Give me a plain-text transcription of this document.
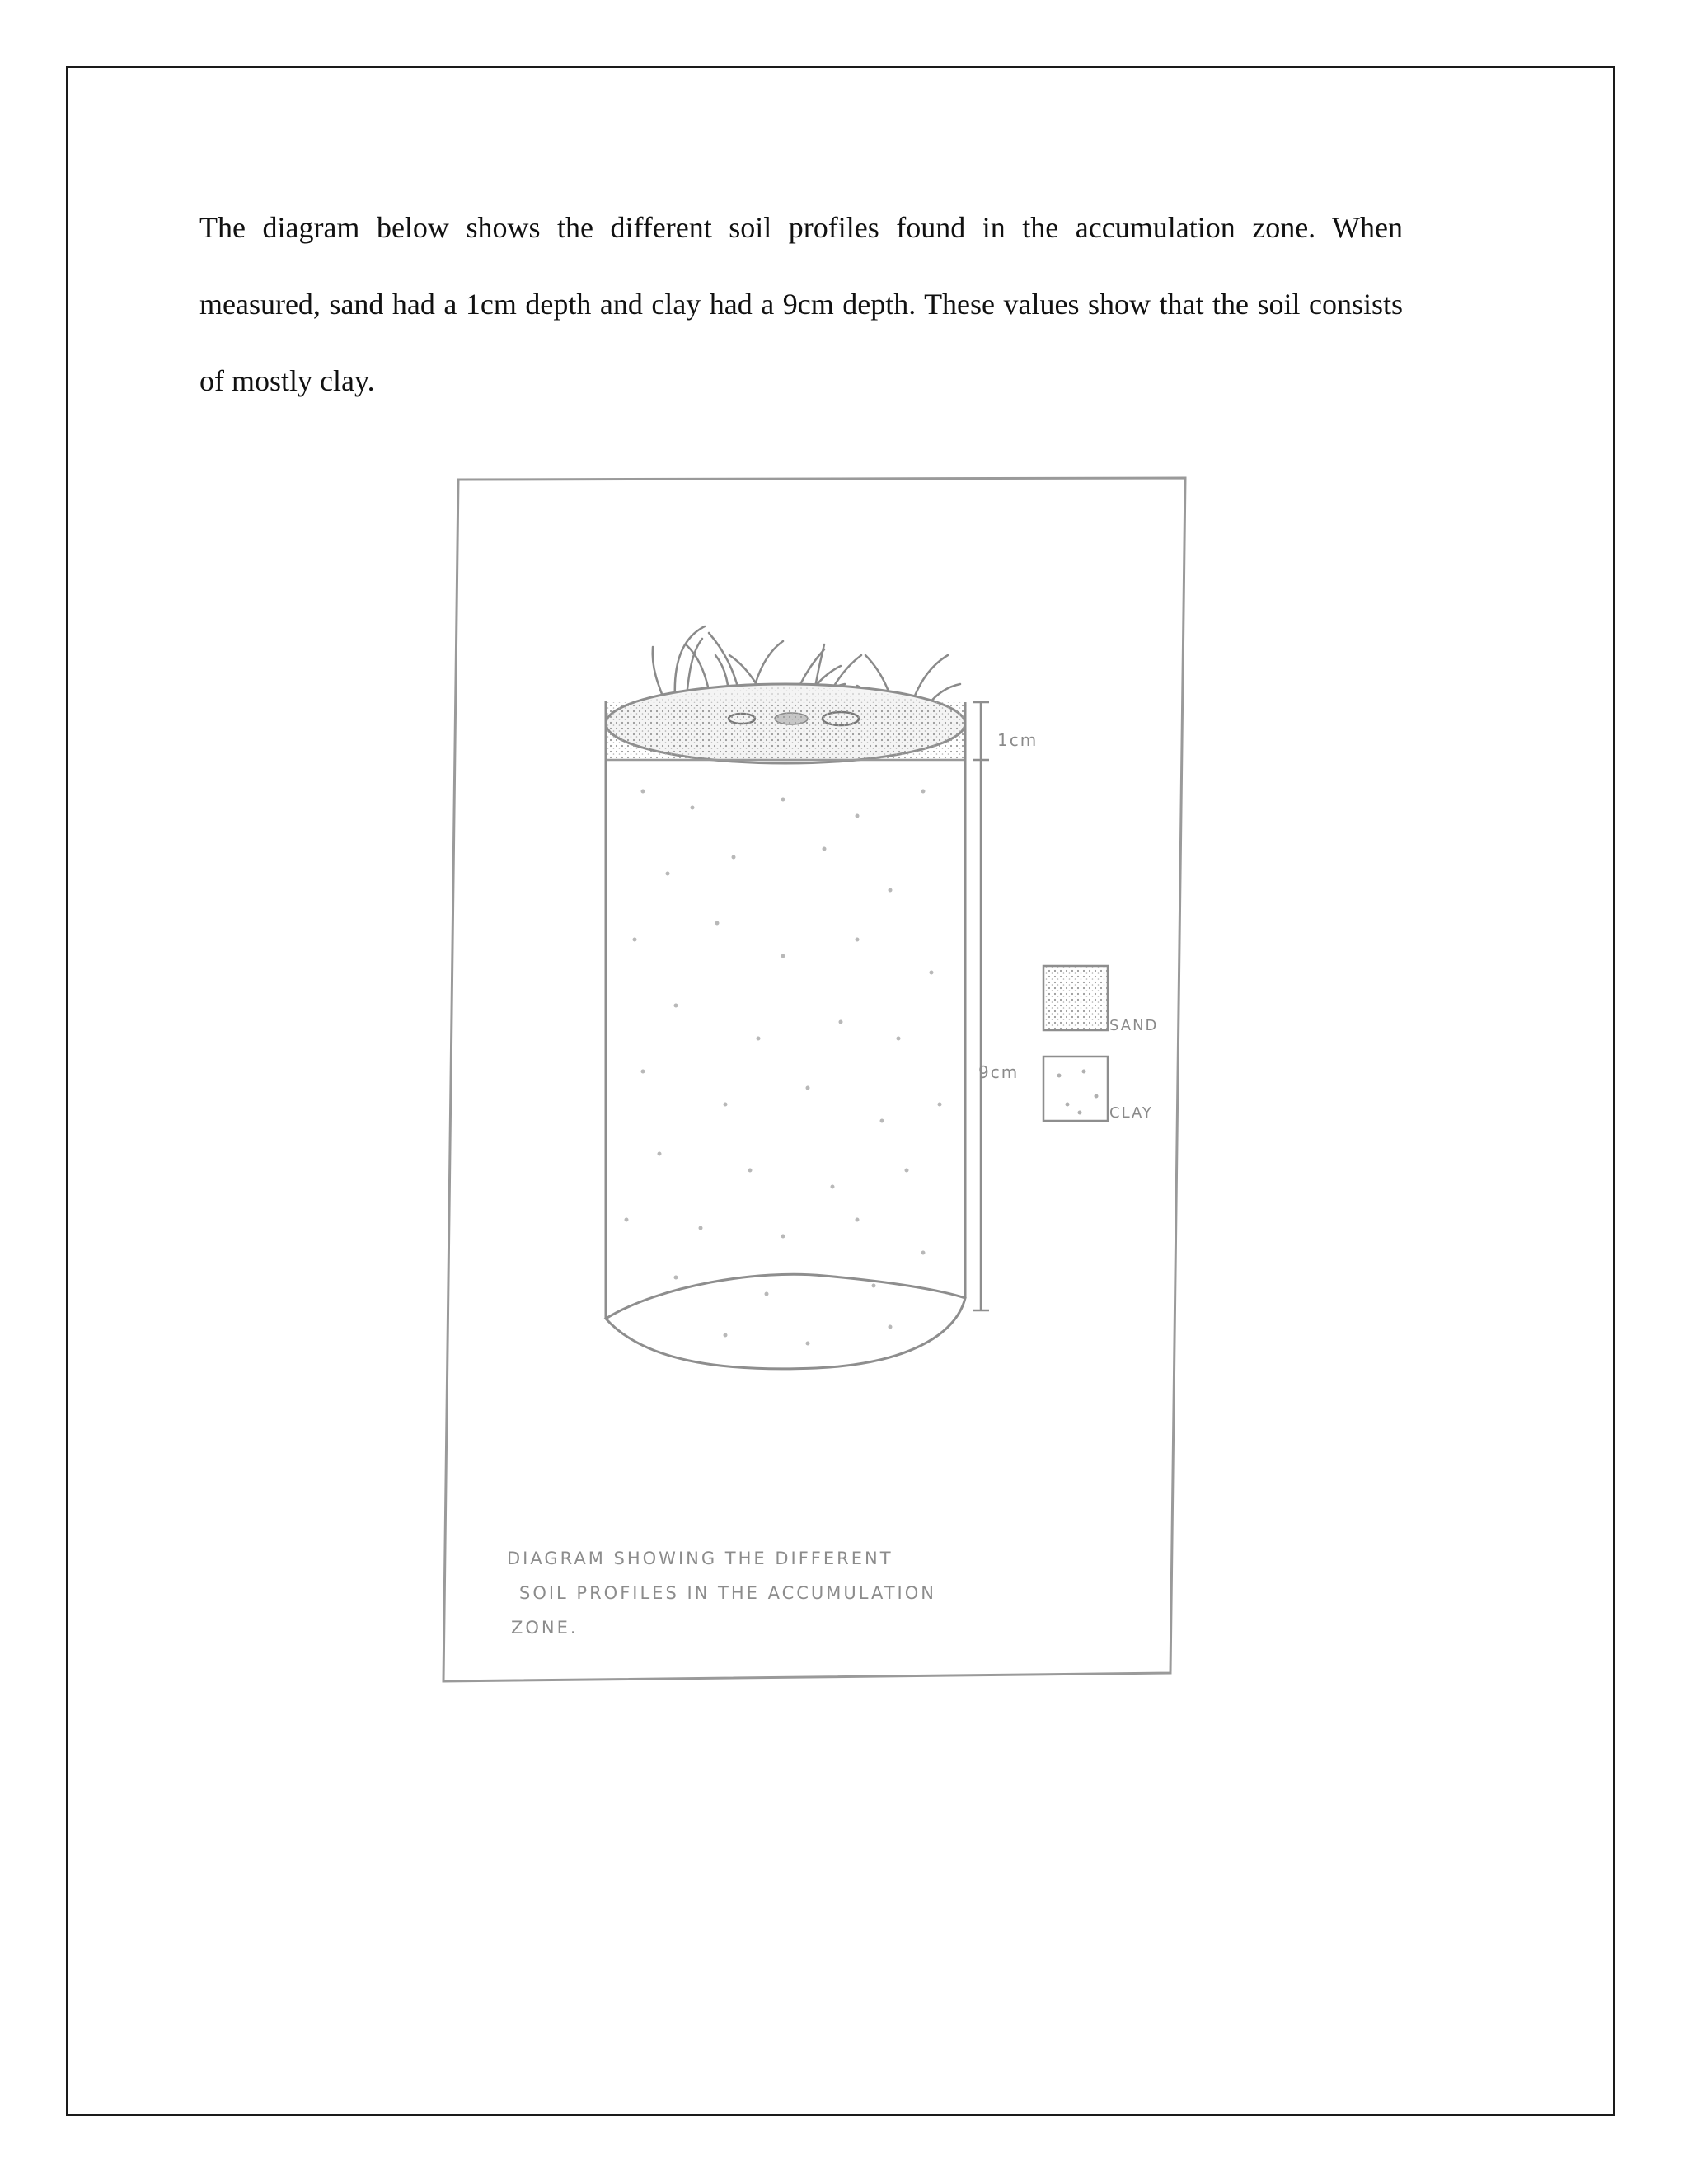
The diagram below shows the different soil profiles found in the accumulation zone. When measured, sand had a 1cm depth and clay had a 9cm depth. These values show that the soil consists of mostly clay.

1cm
9cm
SAND
CLAY
DIAGRAM SHOWING THE DIFFERENT
SOIL PROFILES IN THE ACCUMULATION
ZONE.
